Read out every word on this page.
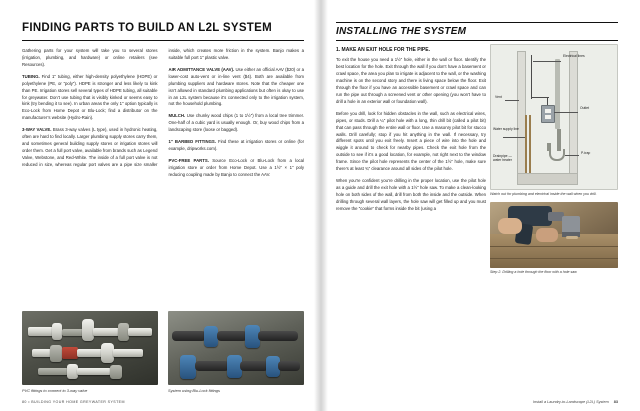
FINDING PARTS TO BUILD AN L2L SYSTEM

Gathering parts for your system will take you to several stores (irrigation, plumbing, and hardware) or online retailers (see Resources).

TUBING. Find 1" tubing, either high-density polyethylene (HDPE) or polyethylene (PE, or “poly”). HDPE is stronger and less likely to kink than PE. Irrigation stores sell several types of HDPE tubing, all suitable for greywater. Don’t use tubing that is visibly kinked or seems easy to kink (try bending it to see). In urban areas the only 1" option typically is Eco-Lock from Home Depot or Blu-Lock; find a distributor on the manufacturer’s website (Hydro-Rain).

3-WAY VALVE. Brass 3-way valves (L type), used in hydronic heating, often are hard to find locally. Larger plumbing supply stores carry them, and sometimes general building supply stores or irrigation stores will order them. Get a full port valve, available from brands such as Legend Valve, Webstone, and Red-White. The inside of a full port valve is not reduced in size, whereas regular port valves are a pipe size smaller inside, which creates more friction in the system. Banjo makes a suitable full port 1" plastic valve.

AIR ADMITTANCE VALVE (AAV). Use either an official AAV ($20) or a lower-cost auto-vent or in-line vent ($4). Both are available from plumbing suppliers and hardware stores. Note that the cheaper one isn’t allowed in standard plumbing applications but often is okay to use in an L2L system because it’s connected only to the irrigation system, not the household plumbing.

MULCH. Use chunky wood chips (1 to 1½") from a local tree trimmer. One-half of a cubic yard is usually enough. Or, buy wood chips from a landscaping store (loose or bagged).

1" BARBED FITTINGS. Find these at irrigation stores or online (for example, dripworks.com).

PVC-FREE PARTS. Source Eco-Lock or Blu-Lock from a local irrigation store or order from Home Depot. Use a 1½" × 1" poly reducing coupling made by Banjo to connect the AAV.

PVC fittings to connect to 3-way valve	System using Blu-Lock fittings
80 • BUILDING YOUR HOME GREYWATER SYSTEM
INSTALLING THE SYSTEM
1. MAKE AN EXIT HOLE FOR THE PIPE.

To exit the house you need a 1½" hole, either in the wall or floor. Identify the best location for the hole. Exit through the wall if you don’t have a basement or crawl space, the area you plan to irrigate is adjacent to the wall, or the washing machine is on the second story and there is living space below the floor. Exit through the floor if you have an accessible basement or crawl space and can run the pipe out through a screened vent or other opening (you won’t have to drill a hole in an exterior wall or foundation wall).

Before you drill, look for hidden obstacles in the wall, such as electrical wires, pipes, or studs. Drill a ¼" pilot hole with a long, thin drill bit (called a pilot bit) that can pass through the entire wall or floor. Use a masonry pilot bit for stucco walls. Drill carefully; stop if you hit anything in the wall. If necessary, try different spots until you exit freely. Insert a piece of wire into the hole and wiggle it around to check for nearby pipes. Check the exit hole from the outside to see if it’s a good location, for example, not right next to the window frame. Since the pilot hole represents the center of the 1½" hole, make sure there’s at least ¾" clearance around all sides of the pilot hole.

When you’re confident you’re drilling in the proper location, use the pilot hole as a guide and drill the exit hole with a 1½" hole saw. To make a clean-looking hole on both sides of the wall, drill from both the inside and the outside. When drilling through several wall layers, the hole saw will get filled up and you must remove the “cookie” that forms inside the bit (using a

Electrical lines
Outlet
Vent
Water supply line
Drainpipe — water heater
P-trap
Watch out for plumbing and electrical inside the wall when you drill.
Step 2. Drilling a hole through the floor with a hole saw
Install a Laundry-to-Landscape (L2L) System 83
